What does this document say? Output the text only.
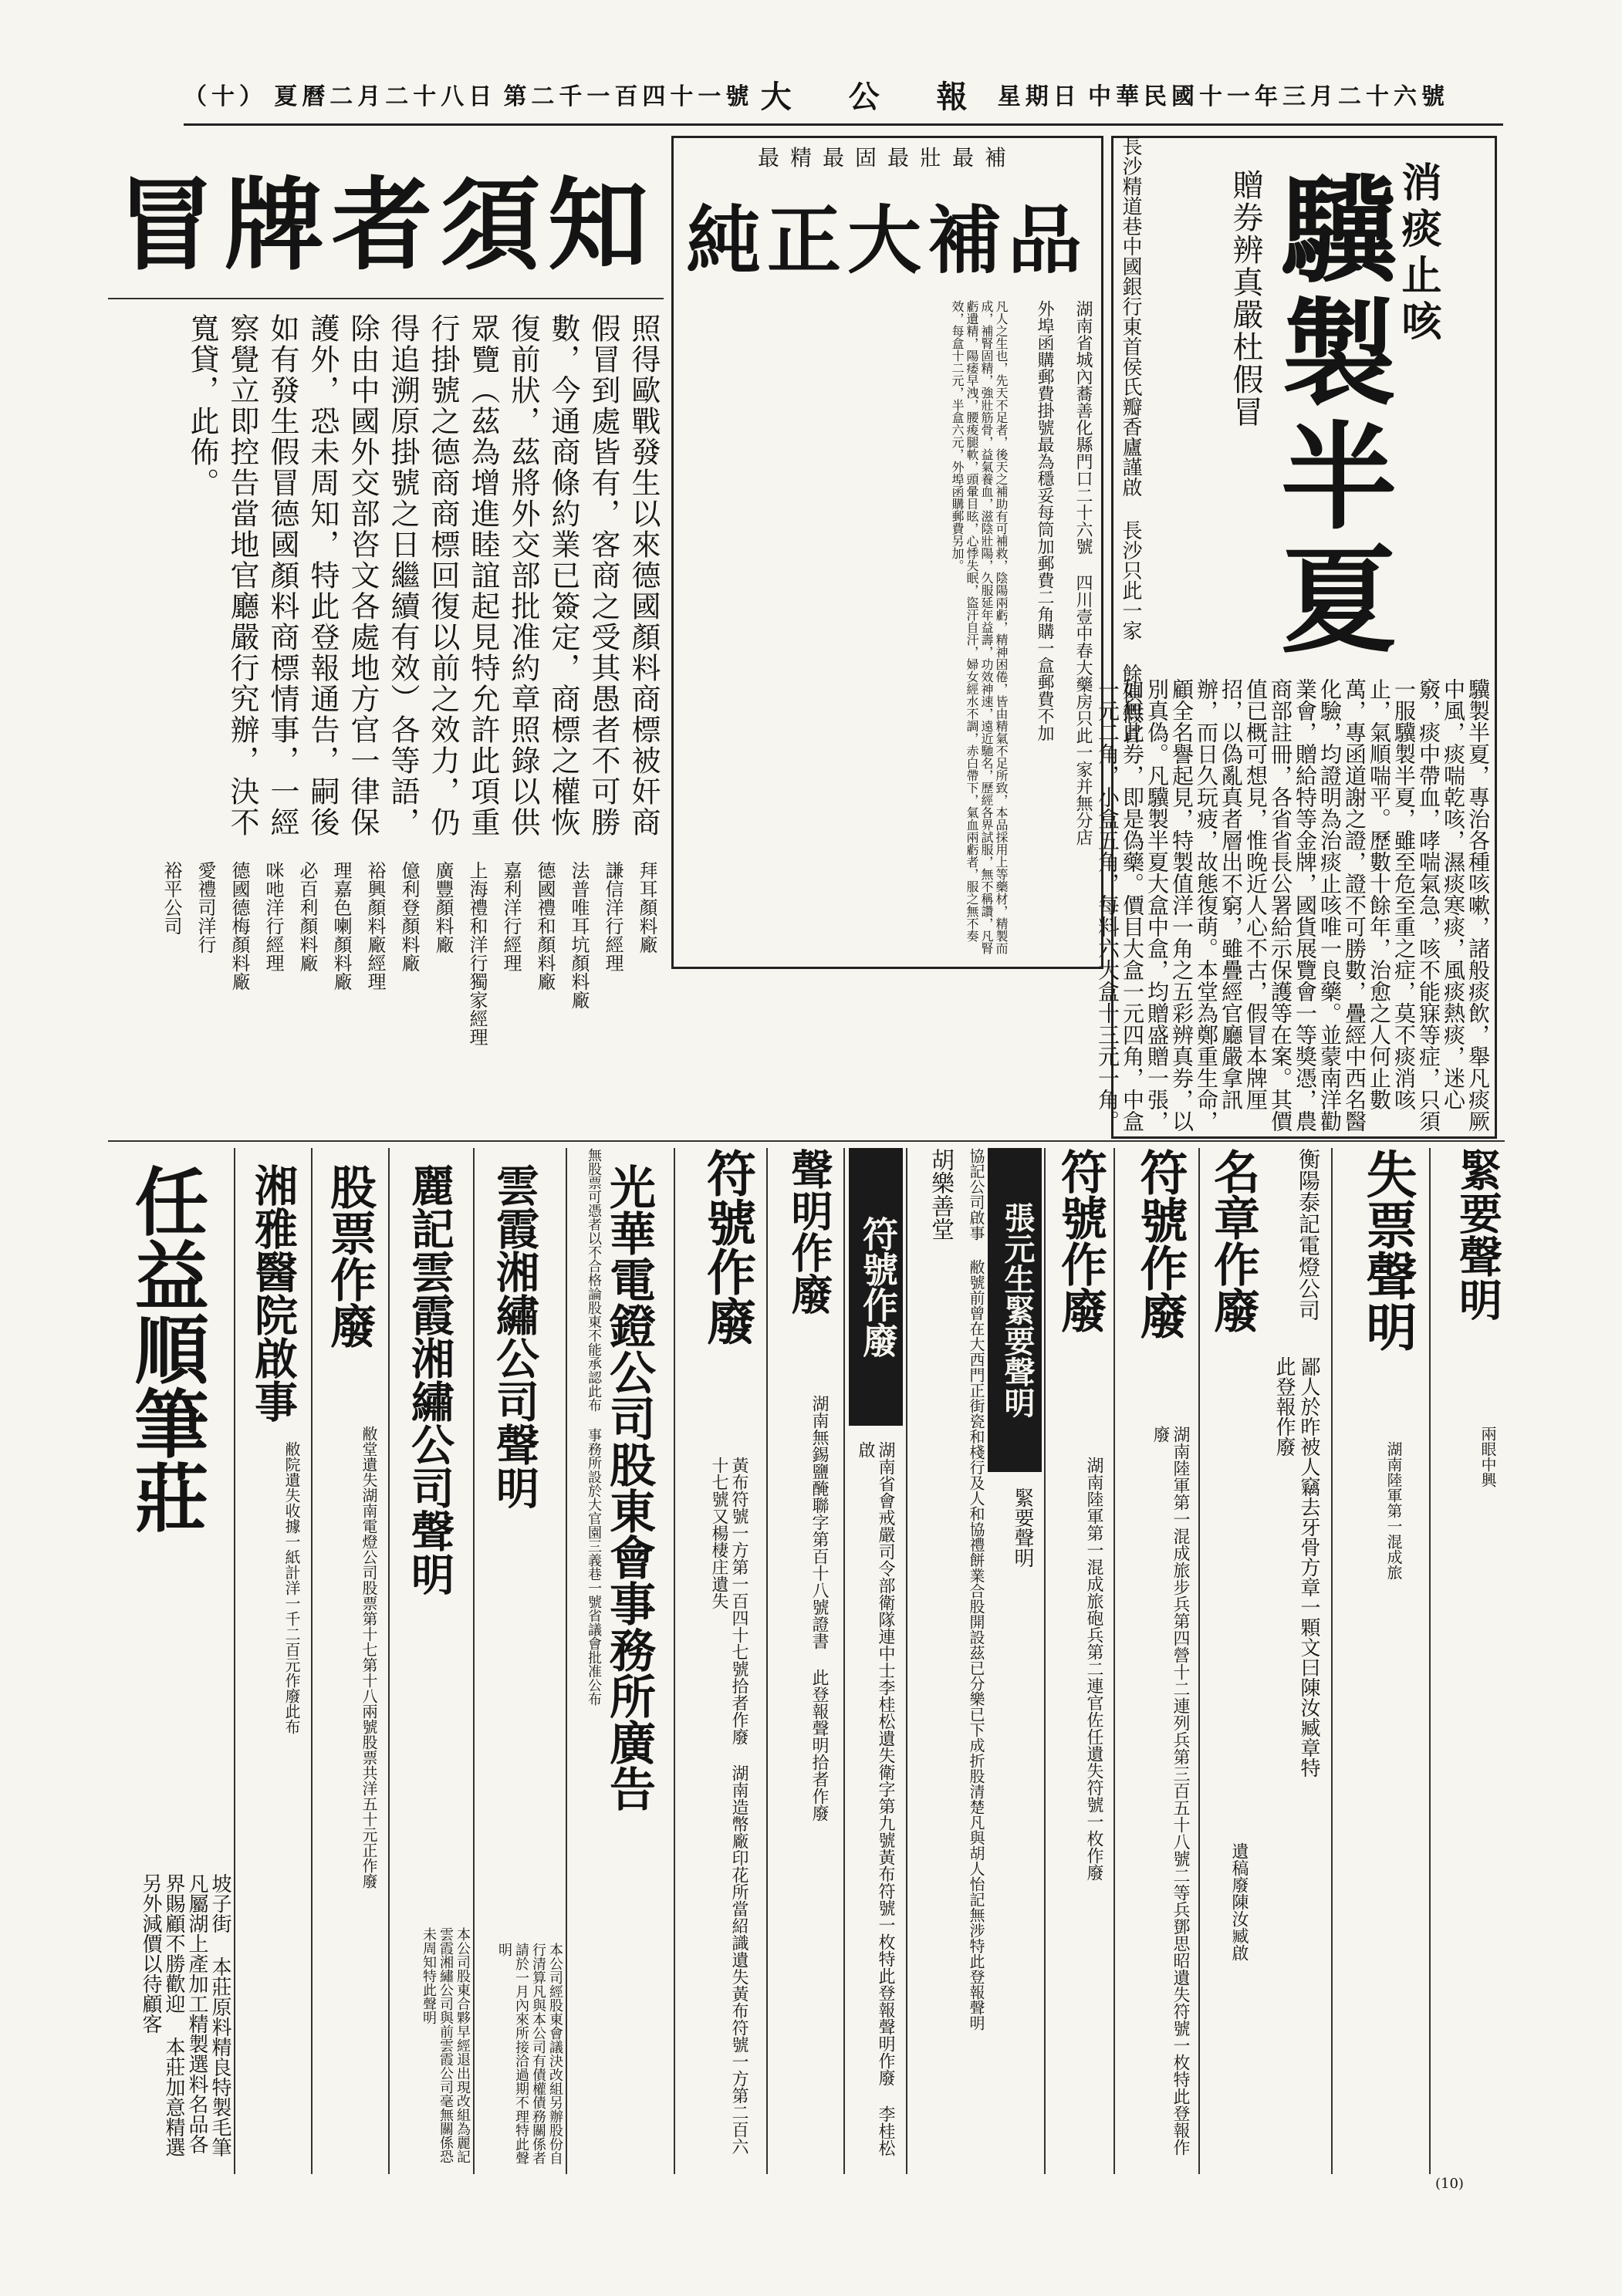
（十） 夏曆二月二十八日 第二千一百四十一號 大 公 報 星期日 中華民國十一年三月二十六號
消痰止咳
驥製半夏
贈券辨真嚴杜假冒
驥製半夏，專治各種咳嗽，諸般痰飲，舉凡痰厥中風，痰喘乾咳，濕痰寒痰，風痰熱痰，迷心竅，痰中帶血，哮喘氣急，咳不能寐等症，只須一服驥製半夏，雖至危至重之症，莫不痰消咳止，氣順喘平。歷數十餘年，治愈之人何止數萬，專函道謝之證，證不可勝數，疊經中西名醫化驗，均證明為治痰止咳唯一良藥。並蒙南洋勸業會，贈給特等金牌，國貨展覽會一等獎憑，農商部註冊，各省省長公署給示保護等在案。其價值已概可想見，惟晚近人心不古，假冒本牌厘招，以偽亂真者層出不窮，雖疊經官廳嚴拿訊辦，而日久玩疲，故態復萌。本堂為鄭重生命，顧全名譽起見，特製值洋一角之五彩辨真券，以別真偽。凡驥製半夏大盒中盒，均贈盛贈一張，如無此券，即是偽藥。價目大盒一元四角，中盒一元二角，小盒五角，每料六大盒十三元一角。
長沙精道巷中國銀行東首侯氏瓣香廬謹啟 長沙只此一家 餘俱假冒
最精最固最壯最補
純正大補品
凡人之生也，先天不足者，後天之補助有可補救，陰陽兩虧，精神困倦，皆由精氣不足所致，本品採用上等藥材，精製而成，補腎固精，強壯筋骨，益氣養血，滋陰壯陽，久服延年益壽，功效神速，遠近馳名，歷經各界試服，無不稱讚，凡腎虧遺精，陽痿早洩，腰痠腿軟，頭暈目眩，心悸失眠，盜汗自汗，婦女經水不調，赤白帶下，氣血兩虧者，服之無不奏效，每盒十二元，半盒六元，外埠函購郵費另加。	外埠函購郵費掛號最為穩妥每筒加郵費二角購一盒郵費不加 湖南省城內蕎善化縣門口二十六號 四川壹中春大藥房只此一家并無分店
冒牌者須知
照得歐戰發生以來德國顏料商標被奸商假冒到處皆有，客商之受其愚者不可勝數，今通商條約業已簽定，商標之權恢復前狀，茲將外交部批准約章照錄以供眾覽（茲為增進睦誼起見特允許此項重行掛號之德商商標回復以前之效力，仍得追溯原掛號之日繼續有效）各等語，除由中國外交部咨文各處地方官一律保護外，恐未周知，特此登報通告，嗣後如有發生假冒德國顏料商標情事，一經察覺立即控告當地官廳嚴行究辦，決不寬貸，此佈。
拜耳顏料廠
謙信洋行經理
法普唯耳坑顏料廠
德國禮和顏料廠
嘉利洋行經理
上海禮和洋行獨家經理
廣豐顏料廠
億利登顏料廠
裕興顏料廠經理
理嘉色喇顏料廠
必百利顏料廠
咪吔洋行經理
德國德梅顏料廠
愛禮司洋行
裕平公司
緊要聲明
兩眼中興
失票聲明
湖南陸軍第一混成旅
衡陽泰記電燈公司
鄙人於昨被人竊去牙骨方章一顆文曰陳汝臧章特此登報作廢
名章作廢
遺稿廢陳汝臧啟
符號作廢
湖南陸軍第一混成旅步兵第四營十二連列兵第三百五十八號二等兵鄧思昭遺失符號一枚特此登報作廢
符號作廢
湖南陸軍第一混成旅砲兵第二連官佐任遺失符號一枚作廢
張元生緊要聲明
緊要聲明
胡樂善堂 協記公司啟事 敝號前曾在大西門正街瓷和棧行及人和協禮餅業合股開設茲已分樂已下成折股清楚凡與胡人怡記無涉特此登報聲明
符號作廢
湖南省會戒嚴司令部衛隊連中士李桂松遺失衛字第九號黃布符號一枚特此登報聲明作廢 李桂松啟
聲明作廢
湖南無錫鹽醃聯字第百十八號證書 此登報聲明拾者作廢
符號作廢
黃布符號一方第一百四十七號拾者作廢 湖南造幣廠印花所當紹識遺失黃布符號一方第二百六十七號又楊棲庄遺失
光華電鐙公司股東會事務所廣告
無股票可憑者以不合格論股東不能承認此布 事務所設於大官園三義巷一號省議會批准公布
雲霞湘繡公司聲明
本公司經股東會議決改組另辦股份自行清算凡與本公司有債權債務關係者請於一月內來所接洽過期不理特此聲明
麗記雲霞湘繡公司聲明
本公司股東合夥早經退出現改組為麗記雲霞湘繡公司與前雲霞公司毫無關係恐未周知特此聲明
股票作廢
敝堂遺失湖南電燈公司股票第十七第十八兩號股票共洋五十元正作廢
湘雅醫院啟事
敝院遺失收據一紙計洋一千二百元作廢此布
任益順筆莊
坡子街 本莊原料精良特製毛筆凡屬湖上產加工精製選料名品各界賜顧不勝歡迎 本莊加意精選另外減價以待顧客
(10)
